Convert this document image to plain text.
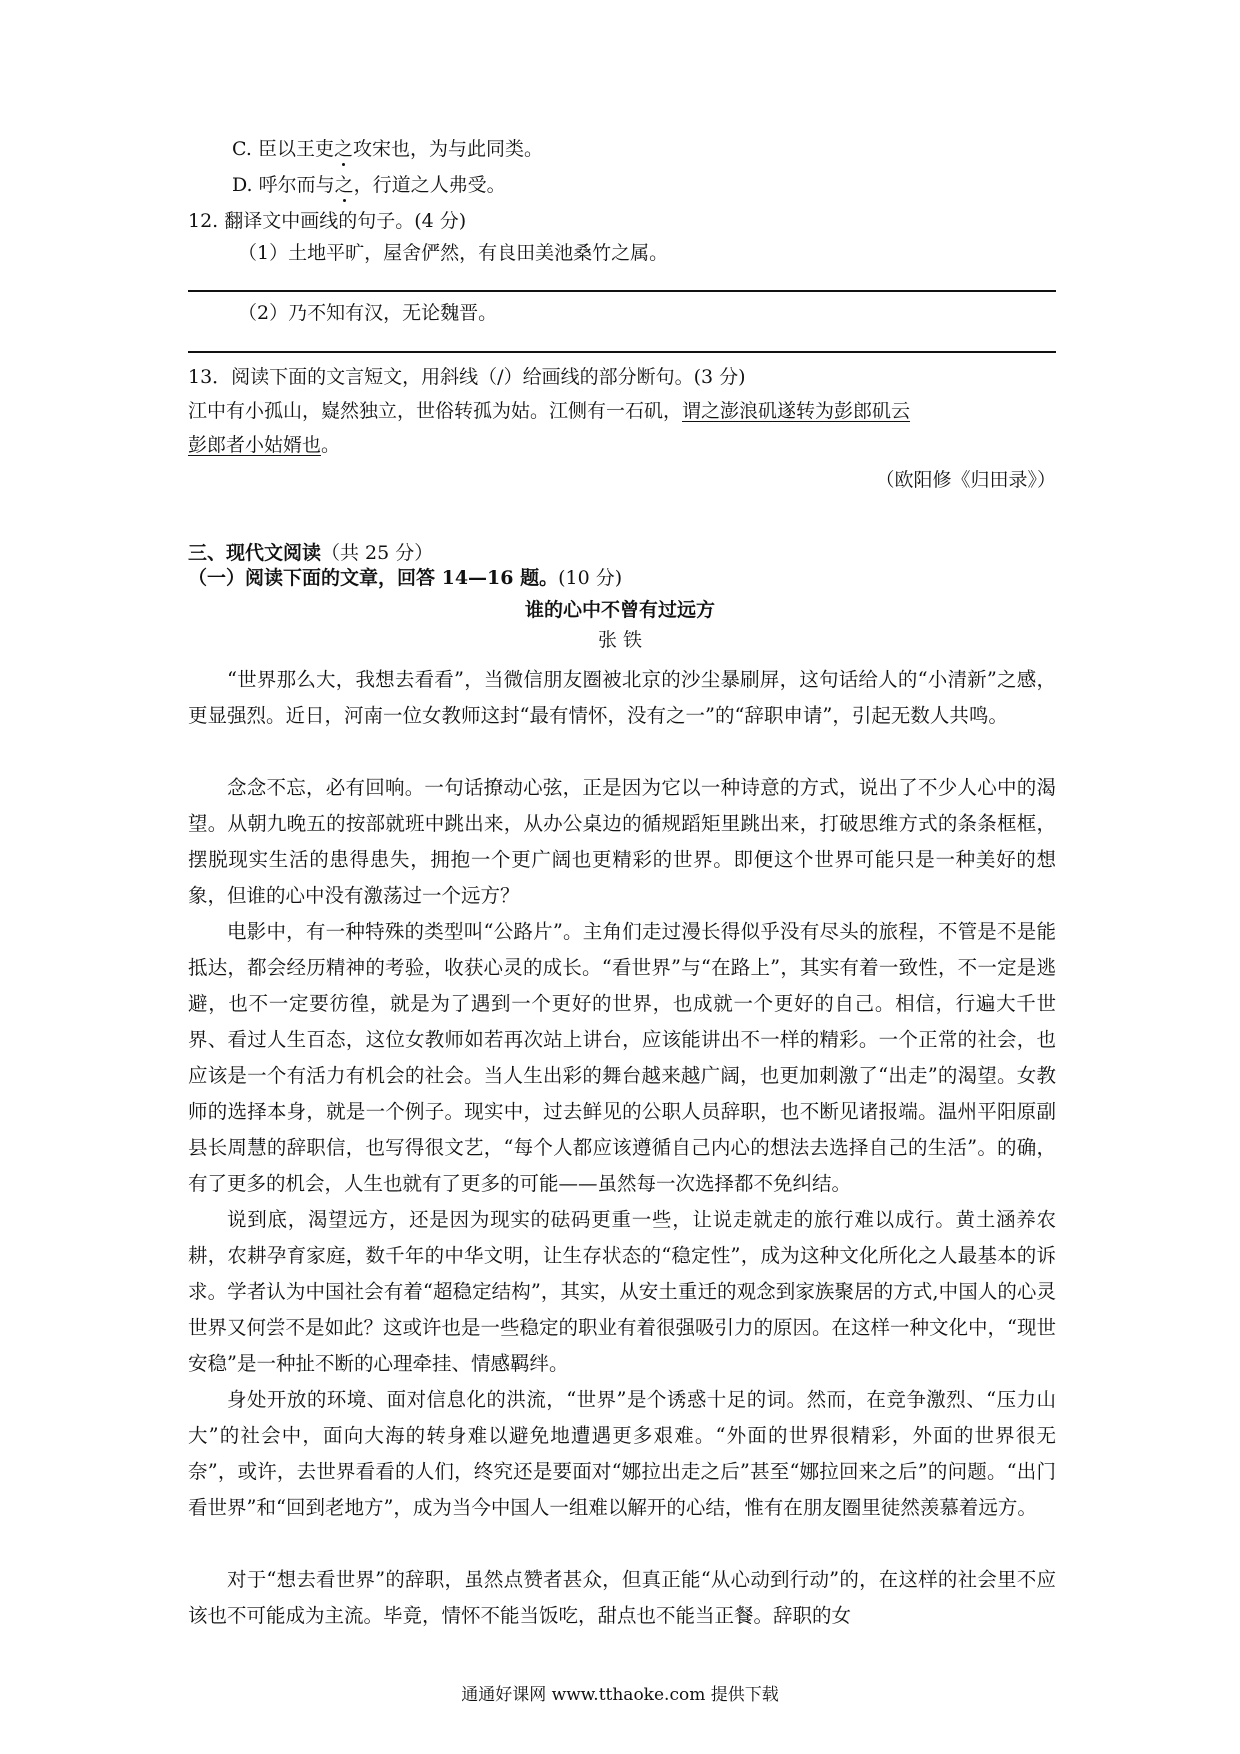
C. 臣以王吏之攻宋也，为与此同类。
D. 呼尔而与之，行道之人弗受。
12. 翻译文中画线的句子。(4 分)
（1）土地平旷，屋舍俨然，有良田美池桑竹之属。
（2）乃不知有汉，无论魏晋。
13．阅读下面的文言短文，用斜线（/）给画线的部分断句。(3 分)
江中有小孤山，嶷然独立，世俗转孤为姑。江侧有一石矶，谓之澎浪矶遂转为彭郎矶云
彭郎者小姑婿也。
（欧阳修《归田录》）
三、现代文阅读（共 25 分）
（一）阅读下面的文章，回答 14—16 题。(10 分)
谁的心中不曾有过远方
张 铁
“世界那么大，我想去看看”，当微信朋友圈被北京的沙尘暴刷屏，这句话给人的“小清新”之感，更显强烈。近日，河南一位女教师这封“最有情怀，没有之一”的“辞职申请”，引起无数人共鸣。
念念不忘，必有回响。一句话撩动心弦，正是因为它以一种诗意的方式，说出了不少人心中的渴望。从朝九晚五的按部就班中跳出来，从办公桌边的循规蹈矩里跳出来，打破思维方式的条条框框，摆脱现实生活的患得患失，拥抱一个更广阔也更精彩的世界。即便这个世界可能只是一种美好的想象，但谁的心中没有激荡过一个远方？
电影中，有一种特殊的类型叫“公路片”。主角们走过漫长得似乎没有尽头的旅程，不管是不是能抵达，都会经历精神的考验，收获心灵的成长。“看世界”与“在路上”，其实有着一致性，不一定是逃避，也不一定要彷徨，就是为了遇到一个更好的世界，也成就一个更好的自己。相信，行遍大千世界、看过人生百态，这位女教师如若再次站上讲台，应该能讲出不一样的精彩。一个正常的社会，也应该是一个有活力有机会的社会。当人生出彩的舞台越来越广阔，也更加刺激了“出走”的渴望。女教师的选择本身，就是一个例子。现实中，过去鲜见的公职人员辞职，也不断见诸报端。温州平阳原副县长周慧的辞职信，也写得很文艺，“每个人都应该遵循自己内心的想法去选择自己的生活”。的确，有了更多的机会，人生也就有了更多的可能——虽然每一次选择都不免纠结。
说到底，渴望远方，还是因为现实的砝码更重一些，让说走就走的旅行难以成行。黄土涵养农耕，农耕孕育家庭，数千年的中华文明，让生存状态的“稳定性”，成为这种文化所化之人最基本的诉求。学者认为中国社会有着“超稳定结构”，其实，从安土重迁的观念到家族聚居的方式,中国人的心灵世界又何尝不是如此？这或许也是一些稳定的职业有着很强吸引力的原因。在这样一种文化中，“现世安稳”是一种扯不断的心理牵挂、情感羁绊。
身处开放的环境、面对信息化的洪流，“世界”是个诱惑十足的词。然而，在竞争激烈、“压力山大”的社会中，面向大海的转身难以避免地遭遇更多艰难。“外面的世界很精彩，外面的世界很无奈”，或许，去世界看看的人们，终究还是要面对“娜拉出走之后”甚至“娜拉回来之后”的问题。“出门看世界”和“回到老地方”，成为当今中国人一组难以解开的心结，惟有在朋友圈里徒然羡慕着远方。
对于“想去看世界”的辞职，虽然点赞者甚众，但真正能“从心动到行动”的，在这样的社会里不应该也不可能成为主流。毕竟，情怀不能当饭吃，甜点也不能当正餐。辞职的女
通通好课网 www.tthaoke.com 提供下载
